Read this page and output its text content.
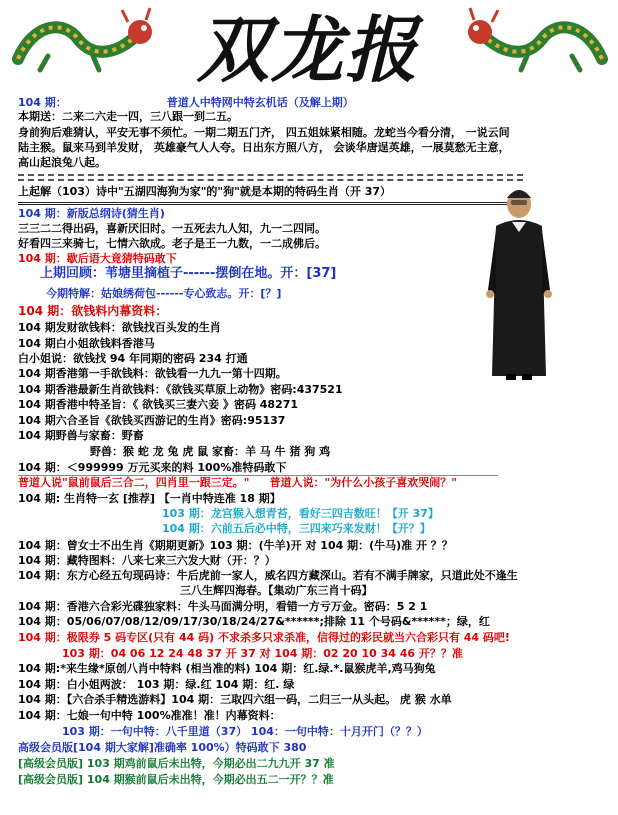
双龙报
104 期：	普道人中特网中特玄机话（及解上期）
本期送：二来二六走一四，三八跟一到二五。
身前狗后难猜认，平安无事不须忙。一期二期五门齐， 四五姐妹紧相随。龙蛇当今看分清， 一说云间
陆主猴。鼠来马到羊发财， 英雄豪气人人夸。日出东方照八方， 会谈华唐逞英雄，一展莫愁无主意，
高山起浪兔八起。
上起解（103）诗中"五湖四海狗为家"的"狗"就是本期的特码生肖（开 37）
104 期：新版总纲诗(猜生肖)
三三二二得出码，喜新厌旧时。一五死去九人知，九一二四同。
好看四三来骑七，七情六欲成。老子是王一九数，一二成佛后。
104 期：歇后语大竟猜特码敢下
上期回顾：苇塘里摘植子------摆倒在地。开：[37]
今期特解：姑娘绣荷包------专心致志。开：[？]
104 期：欲钱料内幕资料：
104 期发财欲钱料：欲钱找百头发的生肖
104 期白小姐欲钱料香港马
白小姐说：欲钱找 94 年同期的密码 234 打通
104 期香港第一手欲钱料：欲钱看一九九一第十四期。
104 期香港最新生肖欲钱料：《欲钱买草原上动物》密码:437521
104 期香港中特圣旨：《 欲钱买三妻六妾 》密码 48271
104 期六合圣旨《欲钱买西游记的生肖》密码:95137
104 期野兽与家畜：野畜
野兽：猴 蛇 龙 兔 虎 鼠 家畜：羊 马 牛 猪 狗 鸡
104 期：＜999999 万元买来的料 100%准特码敢下
普道人说"鼠前鼠后三合二，四肖里一跟三定。" 普道人说："为什么小孩子喜欢哭闹？"
104 期: 生肖特一玄 [推荐] 【一肖中特连准 18 期】
103 期：龙宫猴入想青苔，看好三四吉数旺！【开 37】
104 期：六前五后必中特，三四来巧来发财！【开？】
104 期：曾女士不出生肖《期期更新》103 期：(牛羊)开 对 104 期：(牛马)准 开 ？？
104 期：藏特图料：八来七来三六发大财（开：？）
104 期：东方心经五句现码诗：牛后虎前一家人，威名四方藏深山。若有不满手牌家，只道此处不逢生
三八生辉四海春。【集动广东三肖十码】
104 期：香港六合彩光碟独家料：牛头马面满分明，看错一方亏万金。密码：5 2 1
104 期：05/06/07/08/12/09/17/30/18/24/27&******;排除 11 个号码&******；绿，红
104 期：极限券 5 码专区(只有 44 码) 不求杀多只求杀准，信得过的彩民就当六合彩只有 44 码吧!
103 期：04 06 12 24 48 37 开 37 对 104 期：02 20 10 34 46 开？？准
104 期:*来生缘*原创八肖中特料 (相当准的料) 104 期：红.绿.*.鼠猴虎羊,鸡马狗兔
104 期：白小姐两波： 103 期：绿.红 104 期：红. 绿
104 期：【六合杀手精选游料】104 期：三取四六组一码，二归三一从头起。 虎 猴 水单
104 期：七娘一句中特 100%准准！准！内幕资料：
103 期：一句中特：八千里道（37） 104：一句中特：十月开门（？？）
高级会员版[104 期大家解]准确率 100%）特码敢下 380
[高级会员版] 103 期鸡前鼠后未出特，今期必出二九九开 37 准
[高级会员版] 104 期猴前鼠后未出特，今期必出五二一开？？准
